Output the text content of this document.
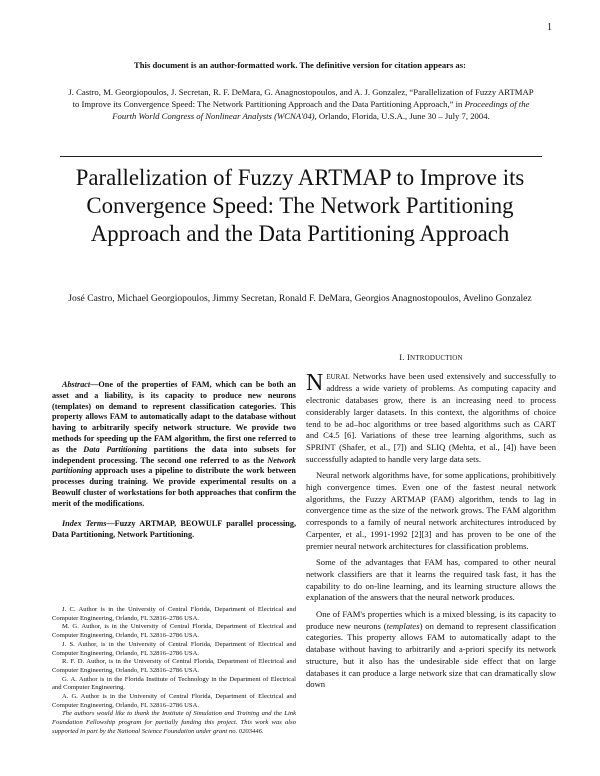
1
This document is an author-formatted work. The definitive version for citation appears as:
J. Castro, M. Georgiopoulos, J. Secretan, R. F. DeMara, G. Anagnostopoulos, and A. J. Gonzalez, “Parallelization of Fuzzy ARTMAP to Improve its Convergence Speed: The Network Partitioning Approach and the Data Partitioning Approach,” in Proceedings of the Fourth World Congress of Nonlinear Analysts (WCNA'04), Orlando, Florida, U.S.A., June 30 – July 7, 2004.
Parallelization of Fuzzy ARTMAP to Improve its Convergence Speed: The Network Partitioning Approach and the Data Partitioning Approach
José Castro, Michael Georgiopoulos, Jimmy Secretan, Ronald F. DeMara, Georgios Anagnostopoulos, Avelino Gonzalez

Abstract—One of the properties of FAM, which can be both an asset and a liability, is its capacity to produce new neurons (templates) on demand to represent classification categories. This property allows FAM to automatically adapt to the database without having to arbitrarily specify network structure. We provide two methods for speeding up the FAM algorithm, the first one referred to as the Data Partitioning partitions the data into subsets for independent processing. The second one referred to as the Network partitioning approach uses a pipeline to distribute the work between processes during training. We provide experimental results on a Beowulf cluster of workstations for both approaches that confirm the merit of the modifications.

Index Terms—Fuzzy ARTMAP, BEOWULF parallel processing, Data Partitioning, Network Partitioning.

J. C. Author is in the University of Central Florida, Department of Electrical and Computer Engineering, Orlando, FL 32816–2786 USA.

M. G. Author, is in the University of Central Florida, Department of Electrical and Computer Engineering, Orlando, FL 32816–2786 USA.

J. S. Author, is in the University of Central Florida, Department of Electrical and Computer Engineering, Orlando, FL 32816–2786 USA.

R. F. D. Author, is in the University of Central Florida, Department of Electrical and Computer Engineering, Orlando, FL 32816–2786 USA.

G. A. Author is in the Florida Institute of Technology in the Department of Electrical and Computer Engineering.

A. G. Author is in the University of Central Florida, Department of Electrical and Computer Engineering, Orlando, FL 32816–2786 USA.

The authors would like to thank the Institute of Simulation and Training and the Link Foundation Fellowship program for partially funding this project. This work was also supported in part by the National Science Foundation under grant no. 0203446.

I. INTRODUCTION

NEURAL Networks have been used extensively and successfully to address a wide variety of problems. As computing capacity and electronic databases grow, there is an increasing need to process considerably larger datasets. In this context, the algorithms of choice tend to be ad–hoc algorithms or tree based algorithms such as CART and C4.5 [6]. Variations of these tree learning algorithms, such as SPRINT (Shafer, et al., [7]) and SLIQ (Mehta, et al., [4]) have been successfully adapted to handle very large data sets.

Neural network algorithms have, for some applications, prohibitively high convergence times. Even one of the fastest neural network algorithms, the Fuzzy ARTMAP (FAM) algorithm, tends to lag in convergence time as the size of the network grows. The FAM algorithm corresponds to a family of neural network architectures introduced by Carpenter, et al., 1991-1992 [2][3] and has proven to be one of the premier neural network architectures for classification problems.

Some of the advantages that FAM has, compared to other neural network classifiers are that it learns the required task fast, it has the capability to do on-line learning, and its learning structure allows the explanation of the answers that the neural network produces.

One of FAM's properties which is a mixed blessing, is its capacity to produce new neurons (templates) on demand to represent classification categories. This property allows FAM to automatically adapt to the database without having to arbitrarily and a-priori specify its network structure, but it also has the undesirable side effect that on large databases it can produce a large network size that can dramatically slow down
